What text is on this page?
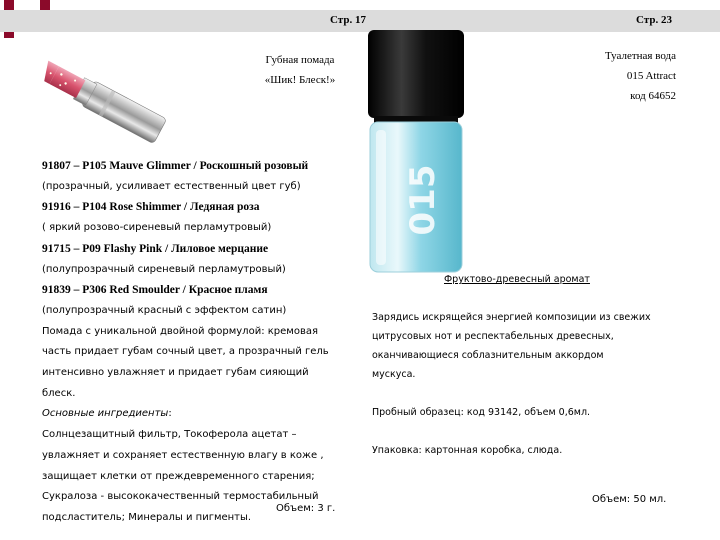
Стр. 17	Стр. 23
Губная помада
«Шик! Блеск!»
015
Туалетная вода
015 Attract
код 64652
91807 – P105 Mauve Glimmer / Роскошный розовый
(прозрачный, усиливает естественный цвет губ)
91916 – P104 Rose Shimmer / Ледяная роза
( яркий розово-сиреневый перламутровый)
91715 – P09 Flashy Pink / Лиловое мерцание
(полупрозрачный сиреневый перламутровый)
91839 – P306 Red Smoulder / Красное пламя
(полупрозрачный красный с эффектом сатин)
Помада с уникальной двойной формулой: кремовая
часть придает губам сочный цвет, а прозрачный гель
интенсивно увлажняет и придает губам сияющий
блеск.
Основные ингредиенты:
Солнцезащитный фильтр, Токоферола ацетат –
увлажняет и сохраняет естественную влагу в коже ,
защищает клетки от преждевременного старения;
Сукралоза - высококачественный термостабильный
подсластитель; Минералы и пигменты.
Объем: 3 г.
Фруктово-древесный аромат
Зарядись искрящейся энергией композиции из свежих
цитрусовых нот и респектабельных древесных,
оканчивающиеся соблазнительным аккордом
мускуса.
Пробный образец: код 93142, объем 0,6мл.
Упаковка: картонная коробка, слюда.
Объем: 50 мл.
